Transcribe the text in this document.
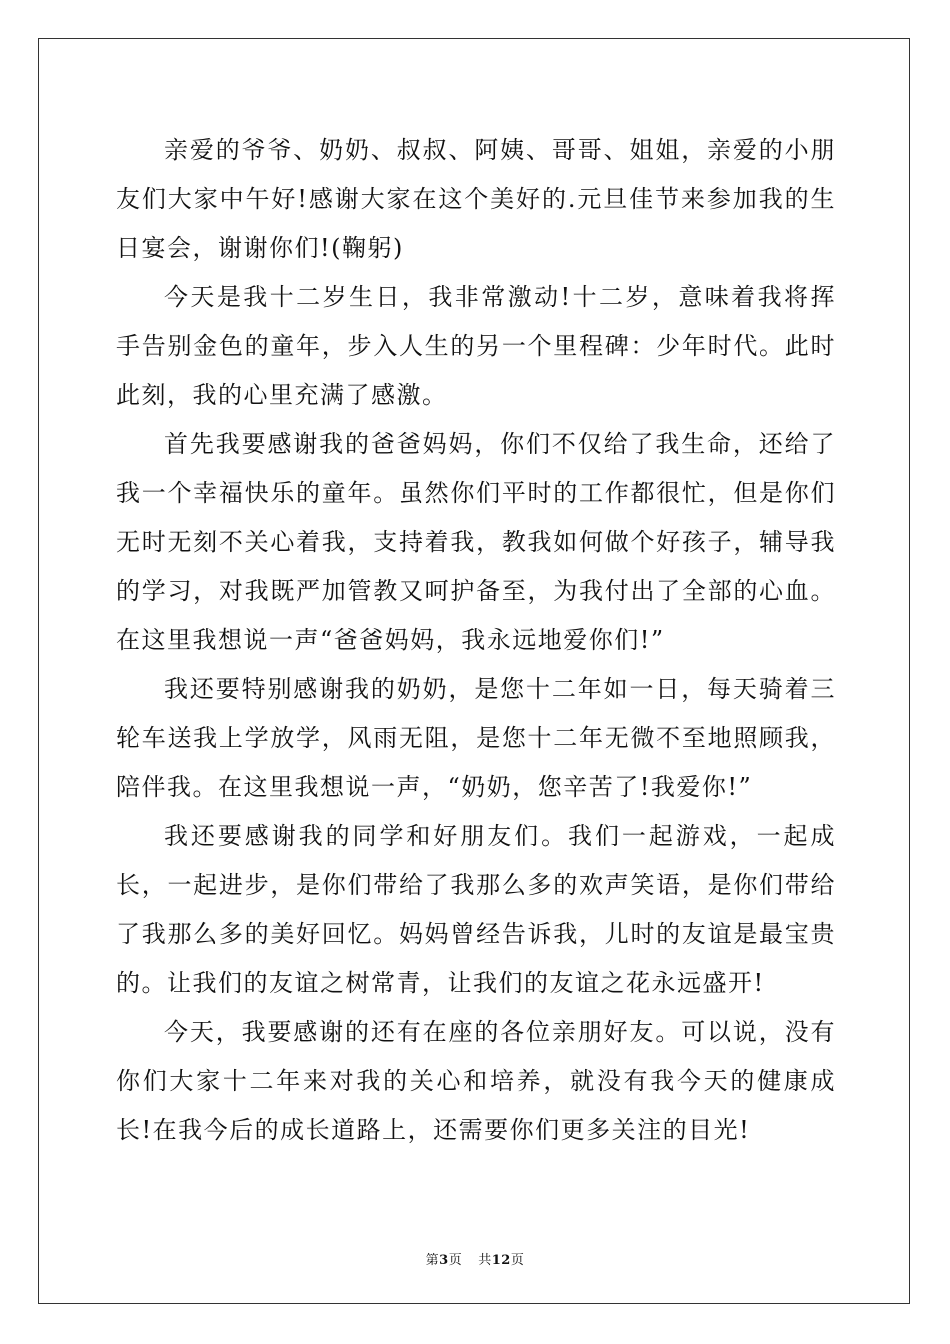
亲爱的爷爷、奶奶、叔叔、阿姨、哥哥、姐姐，亲爱的小朋友们大家中午好!感谢大家在这个美好的.元旦佳节来参加我的生日宴会，谢谢你们!(鞠躬)

今天是我十二岁生日，我非常激动!十二岁，意味着我将挥手告别金色的童年，步入人生的另一个里程碑：少年时代。此时此刻，我的心里充满了感激。

首先我要感谢我的爸爸妈妈，你们不仅给了我生命，还给了我一个幸福快乐的童年。虽然你们平时的工作都很忙，但是你们无时无刻不关心着我，支持着我，教我如何做个好孩子，辅导我的学习，对我既严加管教又呵护备至，为我付出了全部的心血。在这里我想说一声“爸爸妈妈，我永远地爱你们!”

我还要特别感谢我的奶奶，是您十二年如一日，每天骑着三轮车送我上学放学，风雨无阻，是您十二年无微不至地照顾我，陪伴我。在这里我想说一声，“奶奶，您辛苦了!我爱你!”

我还要感谢我的同学和好朋友们。我们一起游戏，一起成长，一起进步，是你们带给了我那么多的欢声笑语，是你们带给了我那么多的美好回忆。妈妈曾经告诉我，儿时的友谊是最宝贵的。让我们的友谊之树常青，让我们的友谊之花永远盛开!

今天，我要感谢的还有在座的各位亲朋好友。可以说，没有你们大家十二年来对我的关心和培养，就没有我今天的健康成长!在我今后的成长道路上，还需要你们更多关注的目光!

第3页 共12页
